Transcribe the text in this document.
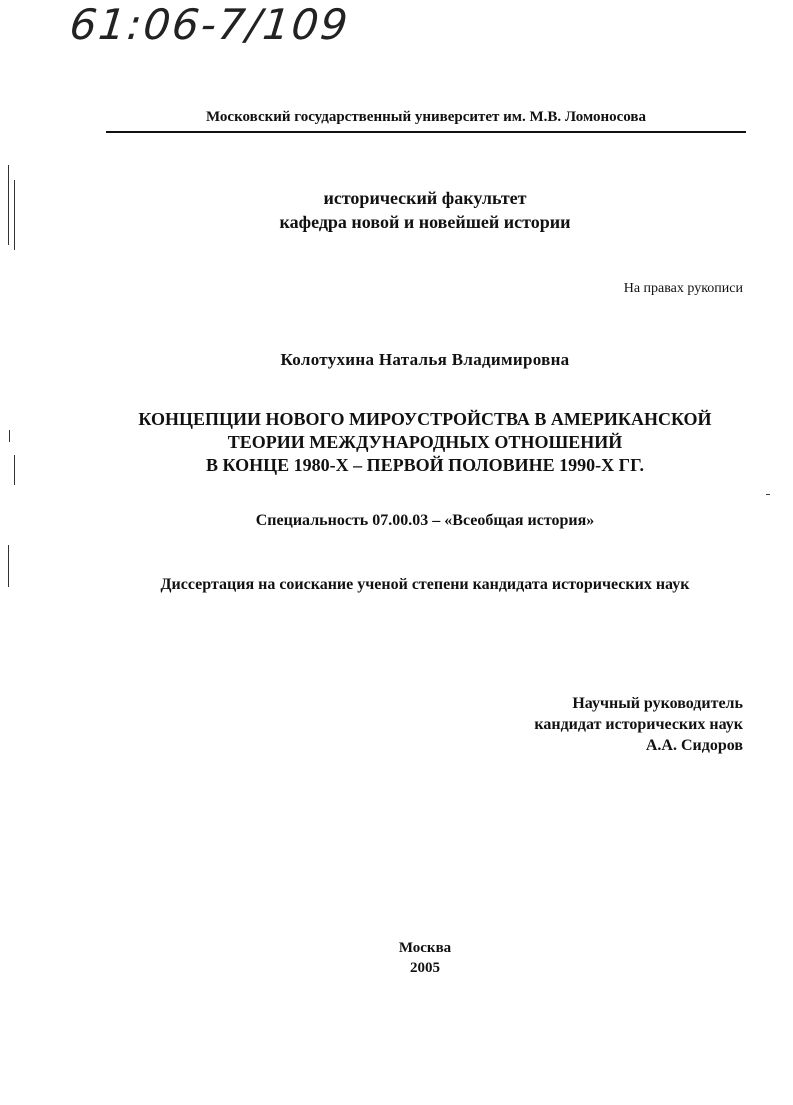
61:06-7/109
Московский государственный университет им. М.В. Ломоносова
исторический факультет
кафедра новой и новейшей истории
На правах рукописи
Колотухина Наталья Владимировна
КОНЦЕПЦИИ НОВОГО МИРОУСТРОЙСТВА В АМЕРИКАНСКОЙ
ТЕОРИИ МЕЖДУНАРОДНЫХ ОТНОШЕНИЙ
В КОНЦЕ 1980-Х – ПЕРВОЙ ПОЛОВИНЕ 1990-Х ГГ.
Специальность 07.00.03 – «Всеобщая история»
Диссертация на соискание ученой степени кандидата исторических наук
Научный руководитель
кандидат исторических наук
А.А. Сидоров
Москва
2005
